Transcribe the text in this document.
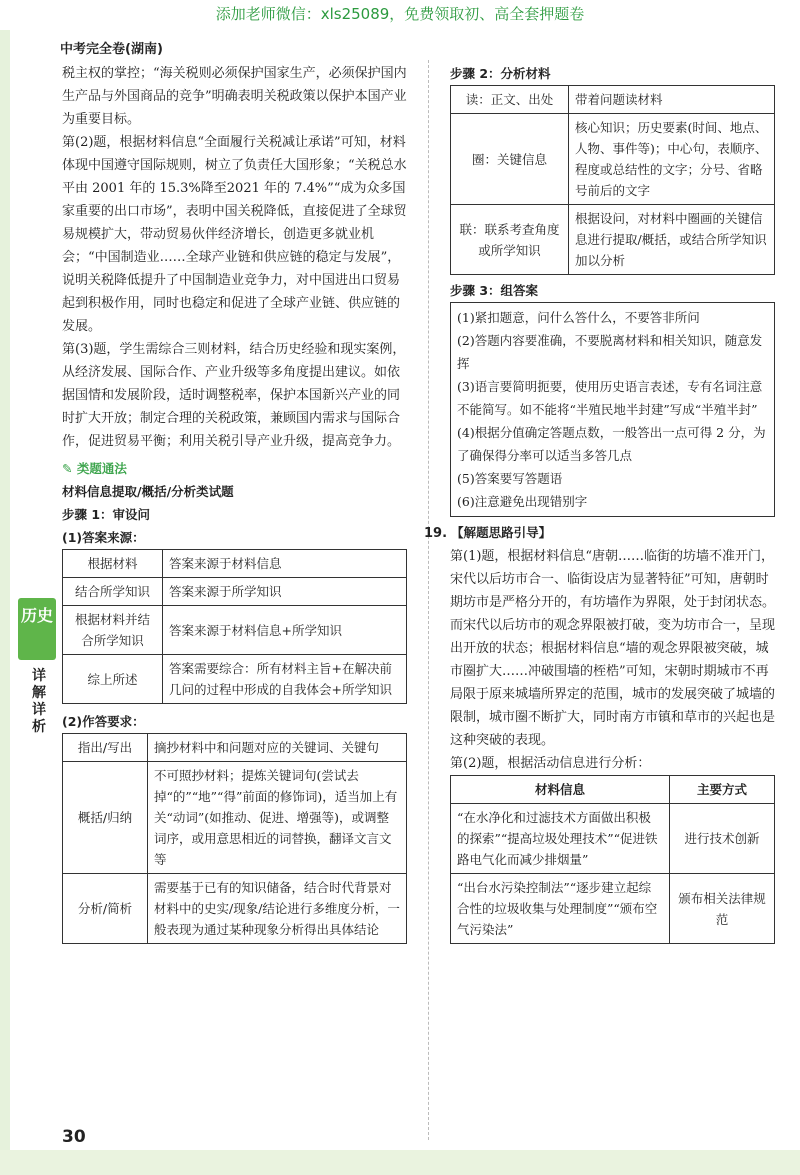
添加老师微信：xls25089，免费领取初、高全套押题卷
中考完全卷(湖南)

税主权的掌控；“海关税则必须保护国家生产，必须保护国内生产品与外国商品的竞争”明确表明关税政策以保护本国产业为重要目标。

第(2)题，根据材料信息“全面履行关税减让承诺”可知，材料体现中国遵守国际规则，树立了负责任大国形象；“关税总水平由 2001 年的 15.3%降至2021 年的 7.4%”“成为众多国家重要的出口市场”，表明中国关税降低，直接促进了全球贸易规模扩大，带动贸易伙伴经济增长，创造更多就业机会；“中国制造业……全球产业链和供应链的稳定与发展”，说明关税降低提升了中国制造业竞争力，对中国进出口贸易起到积极作用，同时也稳定和促进了全球产业链、供应链的发展。

第(3)题，学生需综合三则材料，结合历史经验和现实案例，从经济发展、国际合作、产业升级等多角度提出建议。如依据国情和发展阶段，适时调整税率，保护本国新兴产业的同时扩大开放；制定合理的关税政策，兼顾国内需求与国际合作，促进贸易平衡；利用关税引导产业升级，提高竞争力。

✎ 类题通法
材料信息提取/概括/分析类试题
步骤 1：审设问
(1)答案来源：
根据材料	答案来源于材料信息
结合所学知识	答案来源于所学知识
根据材料并结合所学知识	答案来源于材料信息+所学知识
综上所述	答案需要综合：所有材料主旨+在解决前几问的过程中形成的自我体会+所学知识
(2)作答要求：
指出/写出	摘抄材料中和问题对应的关键词、关键句
概括/归纳	不可照抄材料；提炼关键词句(尝试去掉“的”“地”“得”前面的修饰词)，适当加上有关“动词”(如推动、促进、增强等)，或调整词序，或用意思相近的词替换，翻译文言文等
分析/简析	需要基于已有的知识储备，结合时代背景对材料中的史实/现象/结论进行多维度分析，一般表现为通过某种现象分析得出具体结论
步骤 2：分析材料
读：正文、出处	带着问题读材料
圈：关键信息	核心知识；历史要素(时间、地点、人物、事件等)；中心句，表顺序、程度或总结性的文字；分号、省略号前后的文字
联：联系考查角度或所学知识	根据设问，对材料中圈画的关键信息进行提取/概括，或结合所学知识加以分析
步骤 3：组答案
(1)紧扣题意，问什么答什么，不要答非所问
(2)答题内容要准确，不要脱离材料和相关知识，随意发挥
(3)语言要简明扼要，使用历史语言表述，专有名词注意不能简写。如不能将“半殖民地半封建”写成“半殖半封”
(4)根据分值确定答题点数，一般答出一点可得 2 分，为了确保得分率可以适当多答几点
(5)答案要写答题语
(6)注意避免出现错别字
19. 【解题思路引导】

第(1)题，根据材料信息“唐朝……临街的坊墙不准开门，宋代以后坊市合一、临街设店为显著特征”可知，唐朝时期坊市是严格分开的，有坊墙作为界限，处于封闭状态。而宋代以后坊市的观念界限被打破，变为坊市合一，呈现出开放的状态；根据材料信息“墙的观念界限被突破，城市圈扩大……冲破围墙的桎梏”可知，宋朝时期城市不再局限于原来城墙所界定的范围，城市的发展突破了城墙的限制，城市圈不断扩大，同时南方市镇和草市的兴起也是这种突破的表现。

第(2)题，根据活动信息进行分析：

材料信息	主要方式
“在水净化和过滤技术方面做出积极的探索”“提高垃圾处理技术”“促进铁路电气化而减少排烟量”	进行技术创新
“出台水污染控制法”“逐步建立起综合性的垃圾收集与处理制度”“颁布空气污染法”	颁布相关法律规范
历史
详解详析
30
